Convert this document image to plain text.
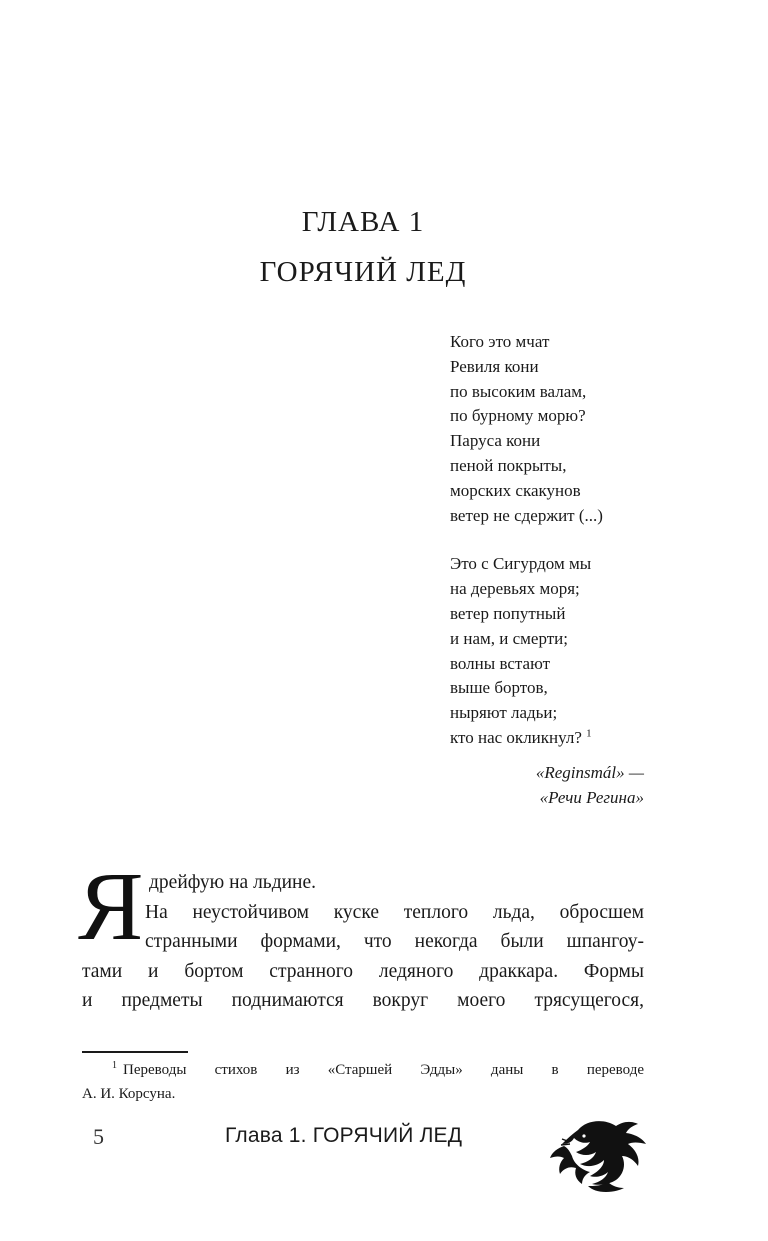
ГЛАВА 1
ГОРЯЧИЙ ЛЕД

Кого это мчат
Ревиля кони
по высоким валам,
по бурному морю?
Паруса кони
пеной покрыты,
морских скакунов
ветер не сдержит (...)

Это с Сигурдом мы
на деревьях моря;
ветер попутный
и нам, и смерти;
волны встают
выше бортов,
ныряют ладьи;
кто нас окликнул? $^1$

«Reginsmál» —
«Речи Регина»
Я дрейфую на льдине.
На неустойчивом куске теплого льда, обросшем
странными формами, что некогда были шпангоу-
тами и бортом странного ледяного драккара. Формы
и предметы поднимаются вокруг моего трясущегося,
$^1$ Переводы стихов из «Старшей Эдды» даны в переводе
А. И. Корсуна.
5	Глава 1. ГОРЯЧИЙ ЛЕД
